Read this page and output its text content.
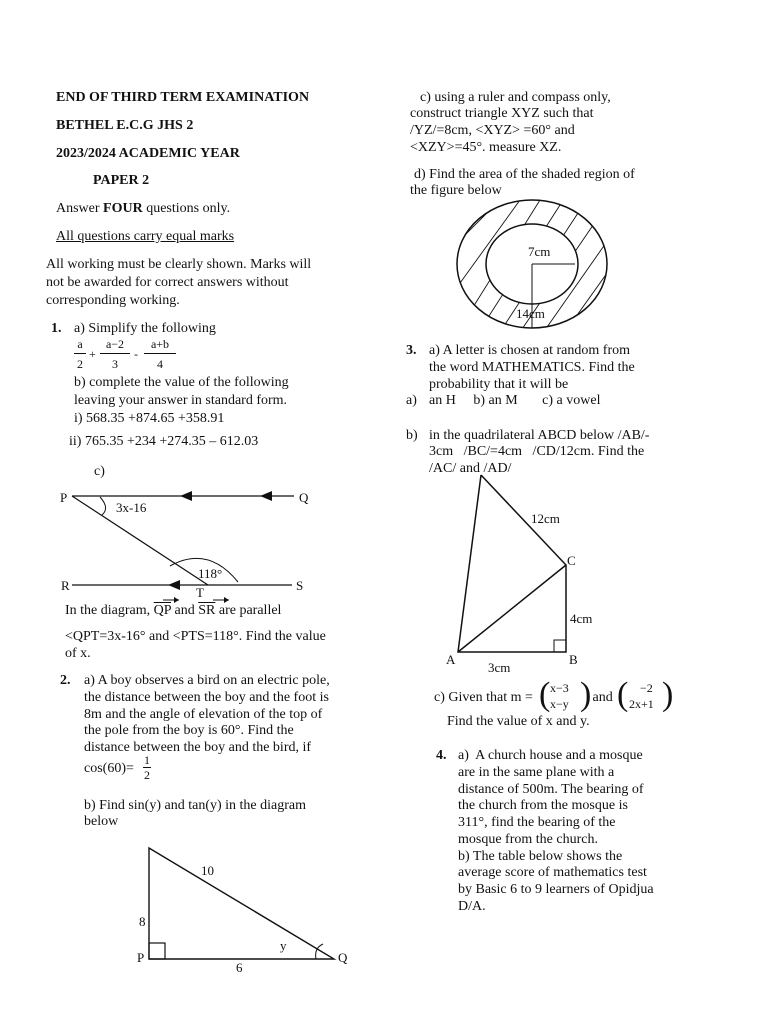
END OF THIRD TERM EXAMINATION
BETHEL E.C.G JHS 2
2023/2024 ACADEMIC YEAR
PAPER 2
Answer FOUR questions only.
All questions carry equal marks
All working must be clearly shown. Marks will
not be awarded for correct answers without
corresponding working.
1. a) Simplify the following
a
2
+
a−2
3
-
a+b
4
b) complete the value of the following
leaving your answer in standard form.
i) 568.35 +874.65 +358.91
ii) 765.35 +234 +274.35 – 612.03
c)
P	Q
R	S
T
3x-16
118°
In the diagram, $\overline{QP}$ and $\overline{SR}$ are parallel
<QPT=3x-16° and <PTS=118°. Find the value
of x.
2. a) A boy observes a bird on an electric pole,
the distance between the boy and the foot is
8m and the angle of elevation of the top of
the pole from the boy is 60°. Find the
distance between the boy and the bird, if
cos(60)=
1
2
b) Find sin(y) and tan(y) in the diagram
below
10
8
6
y
P	Q
c) using a ruler and compass only,
construct triangle XYZ such that
/YZ/=8cm, <XYZ> =60° and
<XZY>=45°. measure XZ.
d) Find the area of the shaded region of
the figure below
7cm
14cm
3. a) A letter is chosen at random from
the word MATHEMATICS. Find the
probability that it will be
a) an H     b) an M       c) a vowel
b) in the quadrilateral ABCD below /AB/-
3cm   /BC/=4cm   /CD/12cm. Find the
/AC/ and /AD/
A	B
C
12cm
4cm
3cm
c) Given that m = ( x−3
x−y )
and ( −2
2x+1 )
Find the value of x and y.
4. a)  A church house and a mosque
are in the same plane with a
distance of 500m. The bearing of
the church from the mosque is
311°, find the bearing of the
mosque from the church.
b) The table below shows the
average score of mathematics test
by Basic 6 to 9 learners of Opidjua
D/A.
